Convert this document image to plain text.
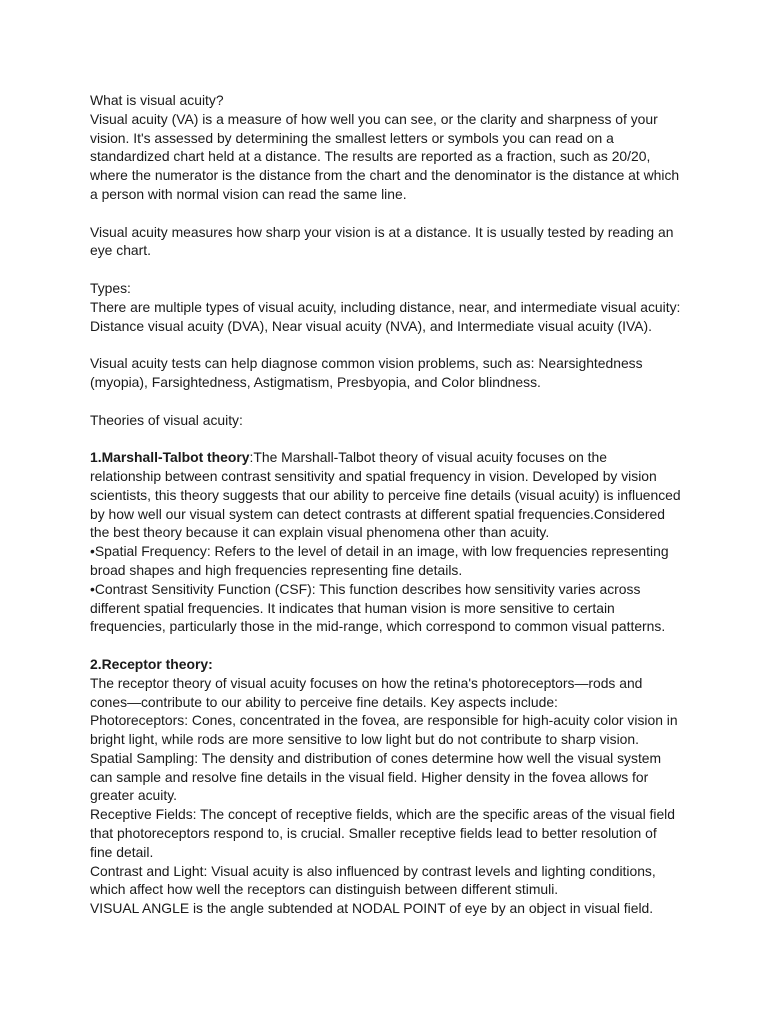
What is visual acuity?
Visual acuity (VA) is a measure of how well you can see, or the clarity and sharpness of your
vision. It's assessed by determining the smallest letters or symbols you can read on a
standardized chart held at a distance. The results are reported as a fraction, such as 20/20,
where the numerator is the distance from the chart and the denominator is the distance at which
a person with normal vision can read the same line.

Visual acuity measures how sharp your vision is at a distance. It is usually tested by reading an
eye chart.

Types:
There are multiple types of visual acuity, including distance, near, and intermediate visual acuity:
Distance visual acuity (DVA), Near visual acuity (NVA), and Intermediate visual acuity (IVA).

Visual acuity tests can help diagnose common vision problems, such as: Nearsightedness
(myopia), Farsightedness, Astigmatism, Presbyopia, and Color blindness.

Theories of visual acuity:

1.Marshall-Talbot theory:The Marshall-Talbot theory of visual acuity focuses on the
relationship between contrast sensitivity and spatial frequency in vision. Developed by vision
scientists, this theory suggests that our ability to perceive fine details (visual acuity) is influenced
by how well our visual system can detect contrasts at different spatial frequencies.Considered
the best theory because it can explain visual phenomena other than acuity.
•Spatial Frequency: Refers to the level of detail in an image, with low frequencies representing
broad shapes and high frequencies representing fine details.
•Contrast Sensitivity Function (CSF): This function describes how sensitivity varies across
different spatial frequencies. It indicates that human vision is more sensitive to certain
frequencies, particularly those in the mid-range, which correspond to common visual patterns.

2.Receptor theory:
The receptor theory of visual acuity focuses on how the retina's photoreceptors—rods and
cones—contribute to our ability to perceive fine details. Key aspects include:
Photoreceptors: Cones, concentrated in the fovea, are responsible for high-acuity color vision in
bright light, while rods are more sensitive to low light but do not contribute to sharp vision.
Spatial Sampling: The density and distribution of cones determine how well the visual system
can sample and resolve fine details in the visual field. Higher density in the fovea allows for
greater acuity.
Receptive Fields: The concept of receptive fields, which are the specific areas of the visual field
that photoreceptors respond to, is crucial. Smaller receptive fields lead to better resolution of
fine detail.
Contrast and Light: Visual acuity is also influenced by contrast levels and lighting conditions,
which affect how well the receptors can distinguish between different stimuli.
VISUAL ANGLE is the angle subtended at NODAL POINT of eye by an object in visual field.
